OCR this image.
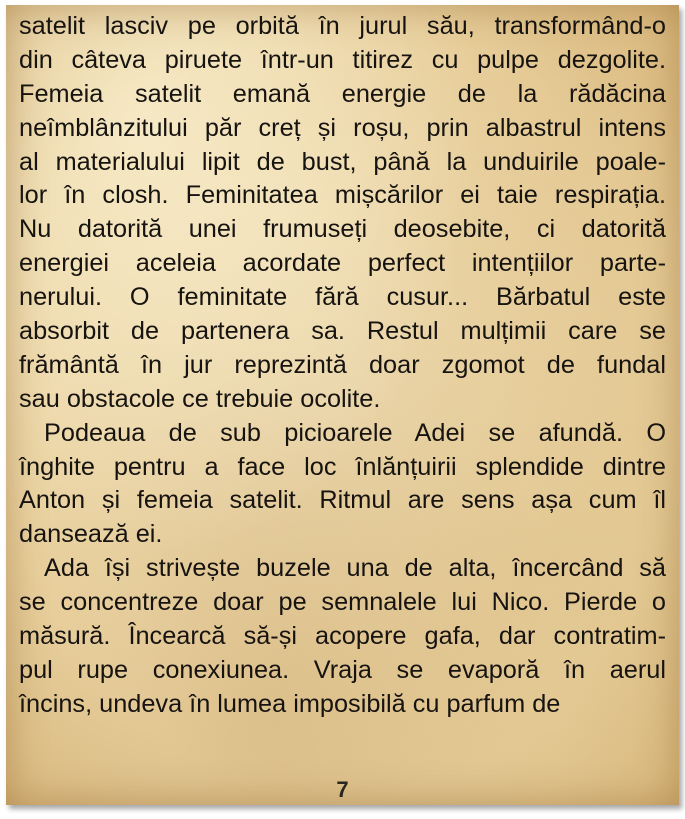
satelit lasciv pe orbită în jurul său, transformând-o
din câteva piruete într-un titirez cu pulpe dezgolite.
Femeia satelit emană energie de la rădăcina
neîmblânzitului păr creț și roșu, prin albastrul intens
al materialului lipit de bust, până la unduirile poale-
lor în closh. Feminitatea mișcărilor ei taie respirația.
Nu datorită unei frumuseți deosebite, ci datorită
energiei aceleia acordate perfect intențiilor parte-
nerului. O feminitate fără cusur... Bărbatul este
absorbit de partenera sa. Restul mulțimii care se
frământă în jur reprezintă doar zgomot de fundal
sau obstacole ce trebuie ocolite.
Podeaua de sub picioarele Adei se afundă. O
înghite pentru a face loc înlănțuirii splendide dintre
Anton și femeia satelit. Ritmul are sens așa cum îl
dansează ei.
Ada își strivește buzele una de alta, încercând să
se concentreze doar pe semnalele lui Nico. Pierde o
măsură. Încearcă să-și acopere gafa, dar contratim-
pul rupe conexiunea. Vraja se evaporă în aerul
încins, undeva în lumea imposibilă cu parfum de
7
